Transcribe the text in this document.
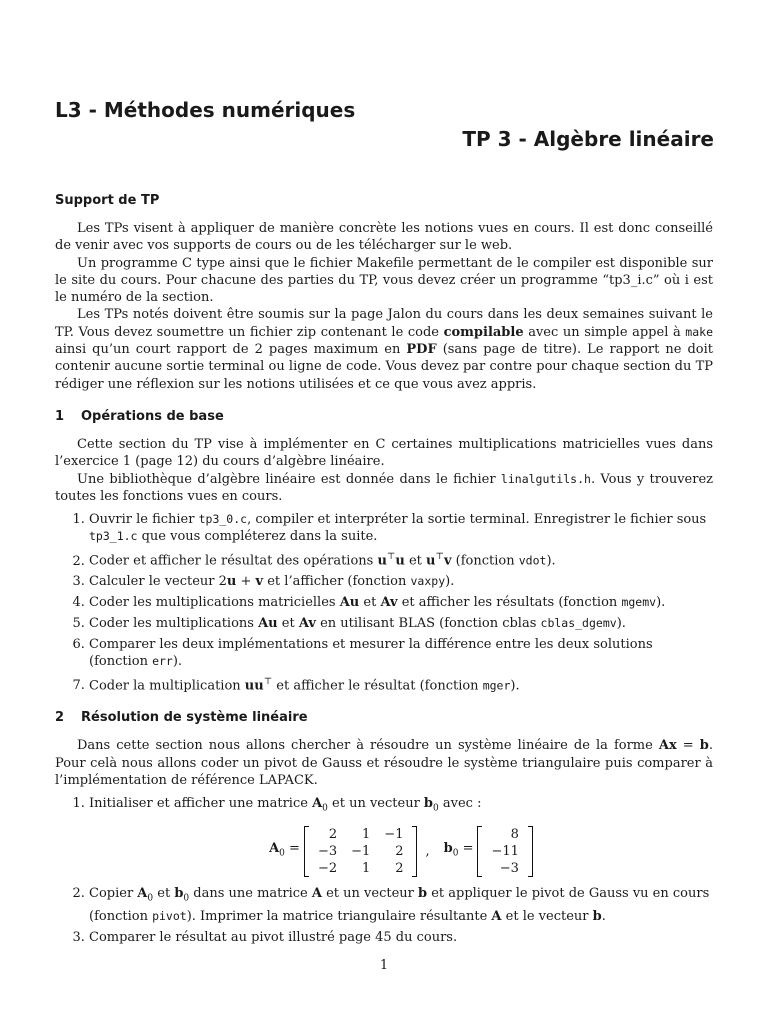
L3 - Méthodes numériques
TP 3 - Algèbre linéaire
Support de TP

Les TPs visent à appliquer de manière concrète les notions vues en cours. Il est donc conseillé de venir avec vos supports de cours ou de les télécharger sur le web.

Un programme C type ainsi que le fichier Makefile permettant de le compiler est disponible sur le site du cours. Pour chacune des parties du TP, vous devez créer un programme “tp3_i.c” où i est le numéro de la section.

Les TPs notés doivent être soumis sur la page Jalon du cours dans les deux semaines suivant le TP. Vous devez soumettre un fichier zip contenant le code compilable avec un simple appel à make ainsi qu’un court rapport de 2 pages maximum en PDF (sans page de titre). Le rapport ne doit contenir aucune sortie terminal ou ligne de code. Vous devez par contre pour chaque section du TP rédiger une réflexion sur les notions utilisées et ce que vous avez appris.

1 Opérations de base

Cette section du TP vise à implémenter en C certaines multiplications matricielles vues dans l’exercice 1 (page 12) du cours d’algèbre linéaire.

Une bibliothèque d’algèbre linéaire est donnée dans le fichier linalgutils.h. Vous y trouverez toutes les fonctions vues en cours.

1. Ouvrir le fichier tp3_0.c, compiler et interpréter la sortie terminal. Enregistrer le fichier sous tp3_1.c que vous compléterez dans la suite.
2. Coder et afficher le résultat des opérations u⊤u et u⊤v (fonction vdot).
3. Calculer le vecteur 2u + v et l’afficher (fonction vaxpy).
4. Coder les multiplications matricielles Au et Av et afficher les résultats (fonction mgemv).
5. Coder les multiplications Au et Av en utilisant BLAS (fonction cblas cblas_dgemv).
6. Comparer les deux implémentations et mesurer la différence entre les deux solutions (fonction err).
7. Coder la multiplication uu⊤ et afficher le résultat (fonction mger).
2 Résolution de système linéaire

Dans cette section nous allons chercher à résoudre un système linéaire de la forme Ax = b. Pour celà nous allons coder un pivot de Gauss et résoudre le système triangulaire puis comparer à l’implémentation de référence LAPACK.

1. Initialiser et afficher une matrice $A_0$ et un vecteur $b_0$ avec :
$A_0$ =
2	1	−1
−3	−1	2
−2	1	2
, $b_0$ =
8
−11
−3
2. Copier $A_0$ et $b_0$ dans une matrice A et un vecteur b et appliquer le pivot de Gauss vu en cours (fonction pivot). Imprimer la matrice triangulaire résultante A et le vecteur b.
3. Comparer le résultat au pivot illustré page 45 du cours.
1
